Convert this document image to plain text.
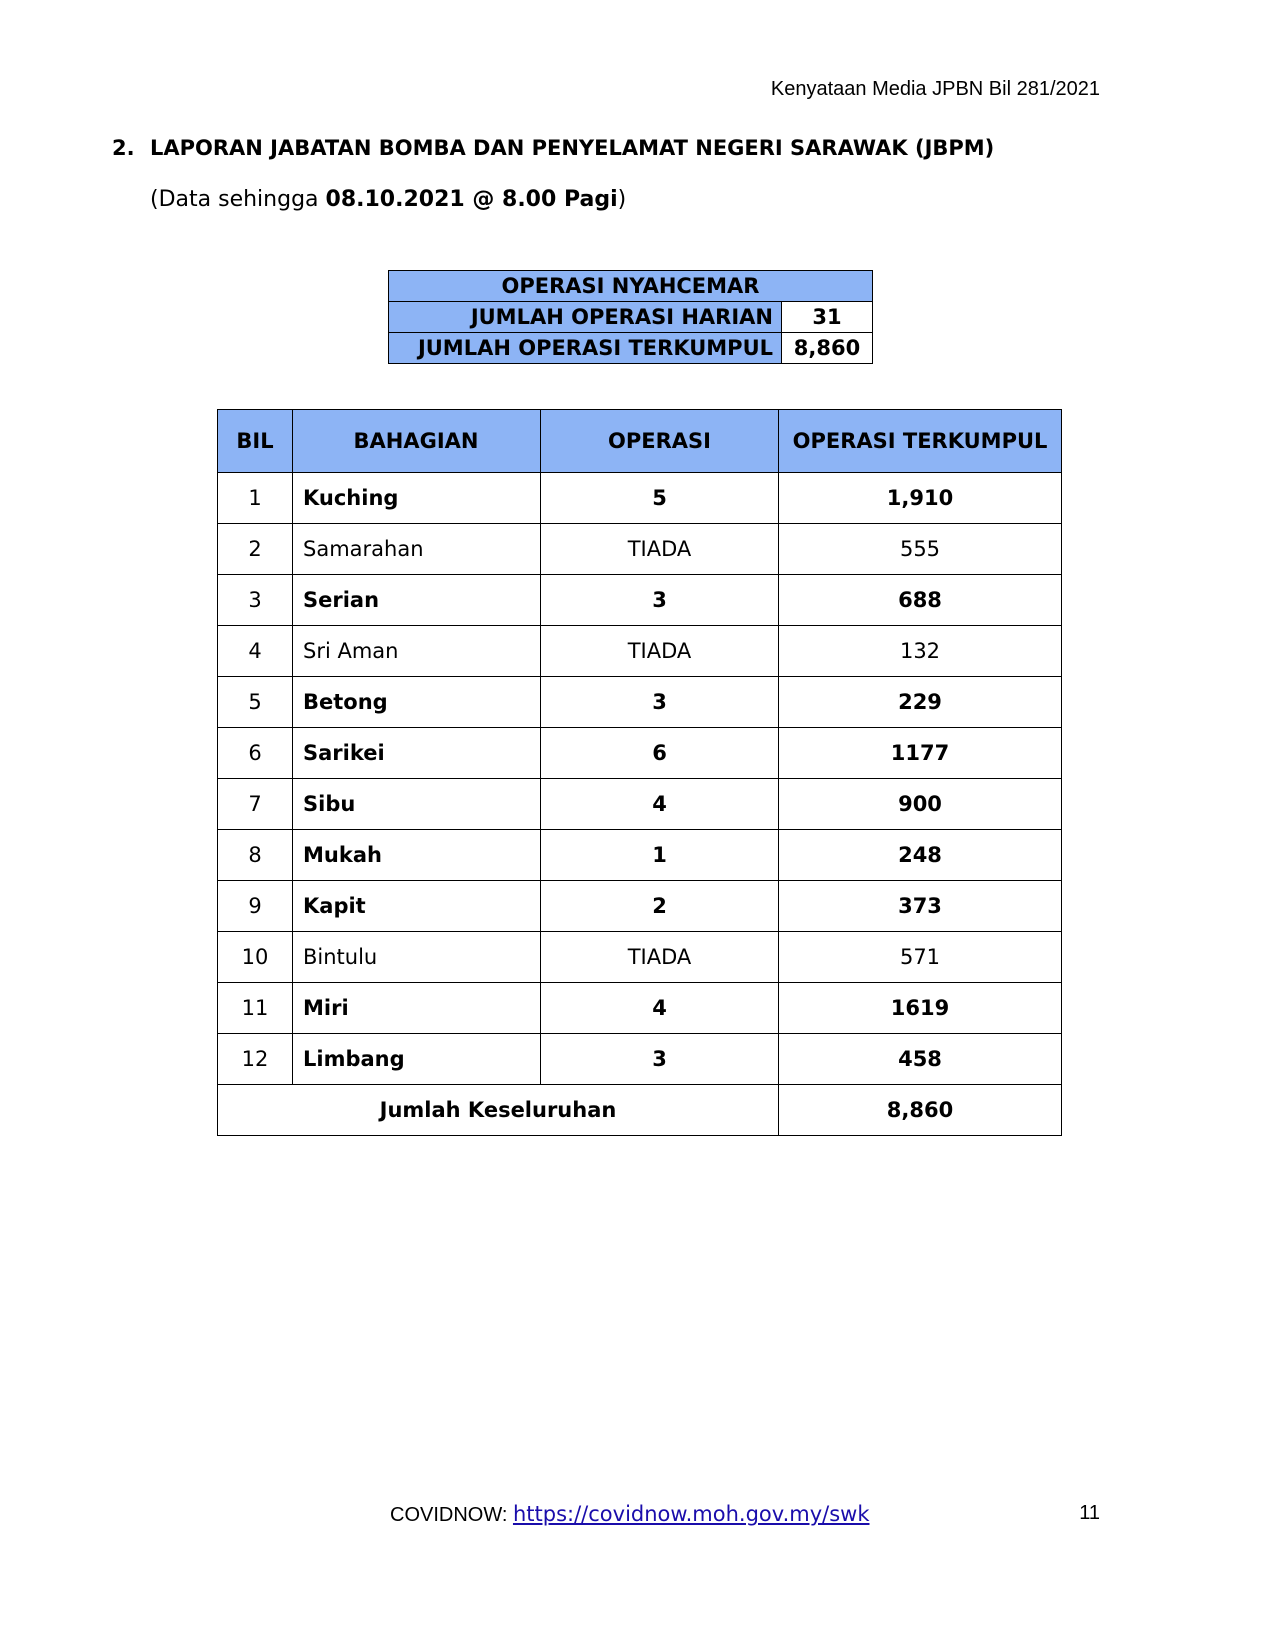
Kenyataan Media JPBN Bil 281/2021
2. LAPORAN JABATAN BOMBA DAN PENYELAMAT NEGERI SARAWAK (JBPM)
(Data sehingga 08.10.2021 @ 8.00 Pagi)
OPERASI NYAHCEMAR	
JUMLAH OPERASI HARIAN	31
JUMLAH OPERASI TERKUMPUL	8,860
BIL	BAHAGIAN	OPERASI	OPERASI TERKUMPUL
1	Kuching	5	1,910
2	Samarahan	TIADA	555
3	Serian	3	688
4	Sri Aman	TIADA	132
5	Betong	3	229
6	Sarikei	6	1177
7	Sibu	4	900
8	Mukah	1	248
9	Kapit	2	373
10	Bintulu	TIADA	571
11	Miri	4	1619
12	Limbang	3	458
Jumlah Keseluruhan			8,860
COVIDNOW: https://covidnow.moh.gov.my/swk	11
